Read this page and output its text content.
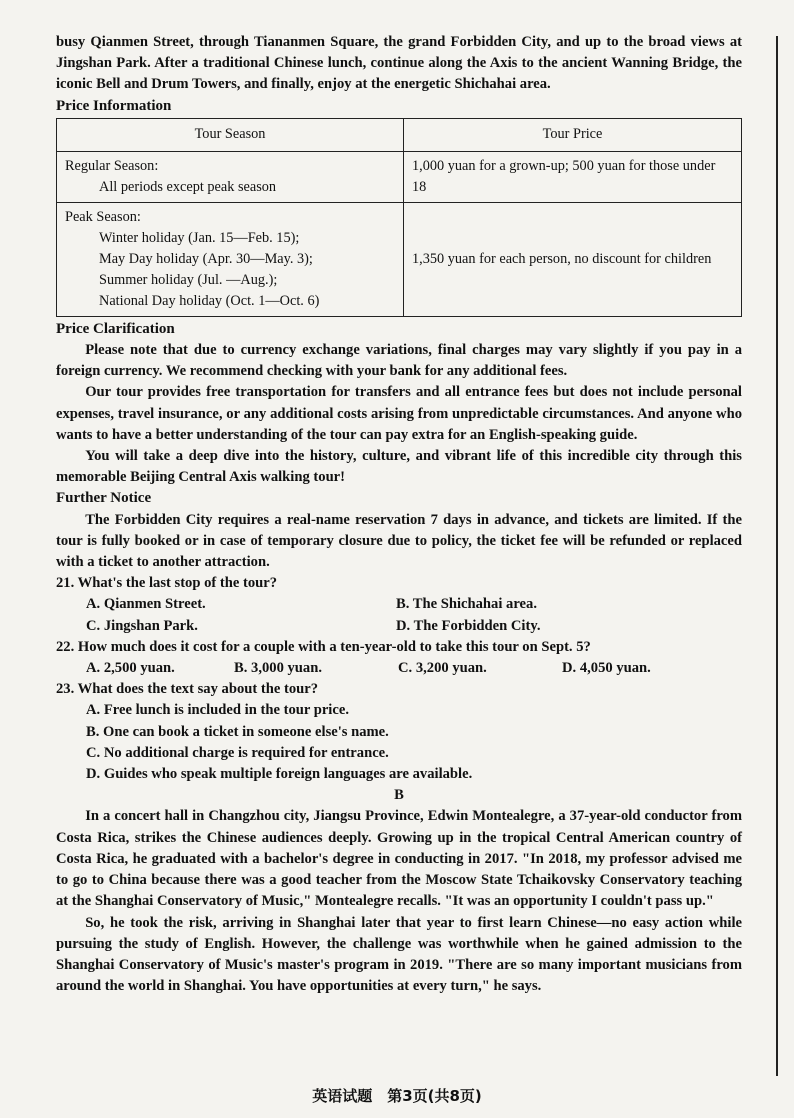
busy Qianmen Street, through Tiananmen Square, the grand Forbidden City, and up to the broad views at Jingshan Park. After a traditional Chinese lunch, continue along the Axis to the ancient Wanning Bridge, the iconic Bell and Drum Towers, and finally, enjoy at the energetic Shichahai area.

Price Information

Tour Season	Tour Price

Regular Season:
All periods except peak season	1,000 yuan for a grown-up; 500 yuan for those under 18

Peak Season:
Winter holiday (Jan. 15—Feb. 15);
May Day holiday (Apr. 30—May. 3);
Summer holiday (Jul. —Aug.);
National Day holiday (Oct. 1—Oct. 6)	1,350 yuan for each person, no discount for children

Price Clarification

Please note that due to currency exchange variations, final charges may vary slightly if you pay in a foreign currency. We recommend checking with your bank for any additional fees.

Our tour provides free transportation for transfers and all entrance fees but does not include personal expenses, travel insurance, or any additional costs arising from unpredictable circumstances. And anyone who wants to have a better understanding of the tour can pay extra for an English-speaking guide.

You will take a deep dive into the history, culture, and vibrant life of this incredible city through this memorable Beijing Central Axis walking tour!

Further Notice

The Forbidden City requires a real-name reservation 7 days in advance, and tickets are limited. If the tour is fully booked or in case of temporary closure due to policy, the ticket fee will be refunded or replaced with a ticket to another attraction.

21. What's the last stop of the tour?

A. Qianmen Street.	B. The Shichahai area.
C. Jingshan Park.	D. The Forbidden City.

22. How much does it cost for a couple with a ten-year-old to take this tour on Sept. 5?

A. 2,500 yuan.	B. 3,000 yuan.	C. 3,200 yuan.	D. 4,050 yuan.

23. What does the text say about the tour?

A. Free lunch is included in the tour price.
B. One can book a ticket in someone else's name.
C. No additional charge is required for entrance.
D. Guides who speak multiple foreign languages are available.

B

In a concert hall in Changzhou city, Jiangsu Province, Edwin Montealegre, a 37-year-old conductor from Costa Rica, strikes the Chinese audiences deeply. Growing up in the tropical Central American country of Costa Rica, he graduated with a bachelor's degree in conducting in 2017. "In 2018, my professor advised me to go to China because there was a good teacher from the Moscow State Tchaikovsky Conservatory teaching at the Shanghai Conservatory of Music," Montealegre recalls. "It was an opportunity I couldn't pass up."

So, he took the risk, arriving in Shanghai later that year to first learn Chinese—no easy action while pursuing the study of English. However, the challenge was worthwhile when he gained admission to the Shanghai Conservatory of Music's master's program in 2019. "There are so many important musicians from around the world in Shanghai. You have opportunities at every turn," he says.

英语试题　第3页(共8页)
